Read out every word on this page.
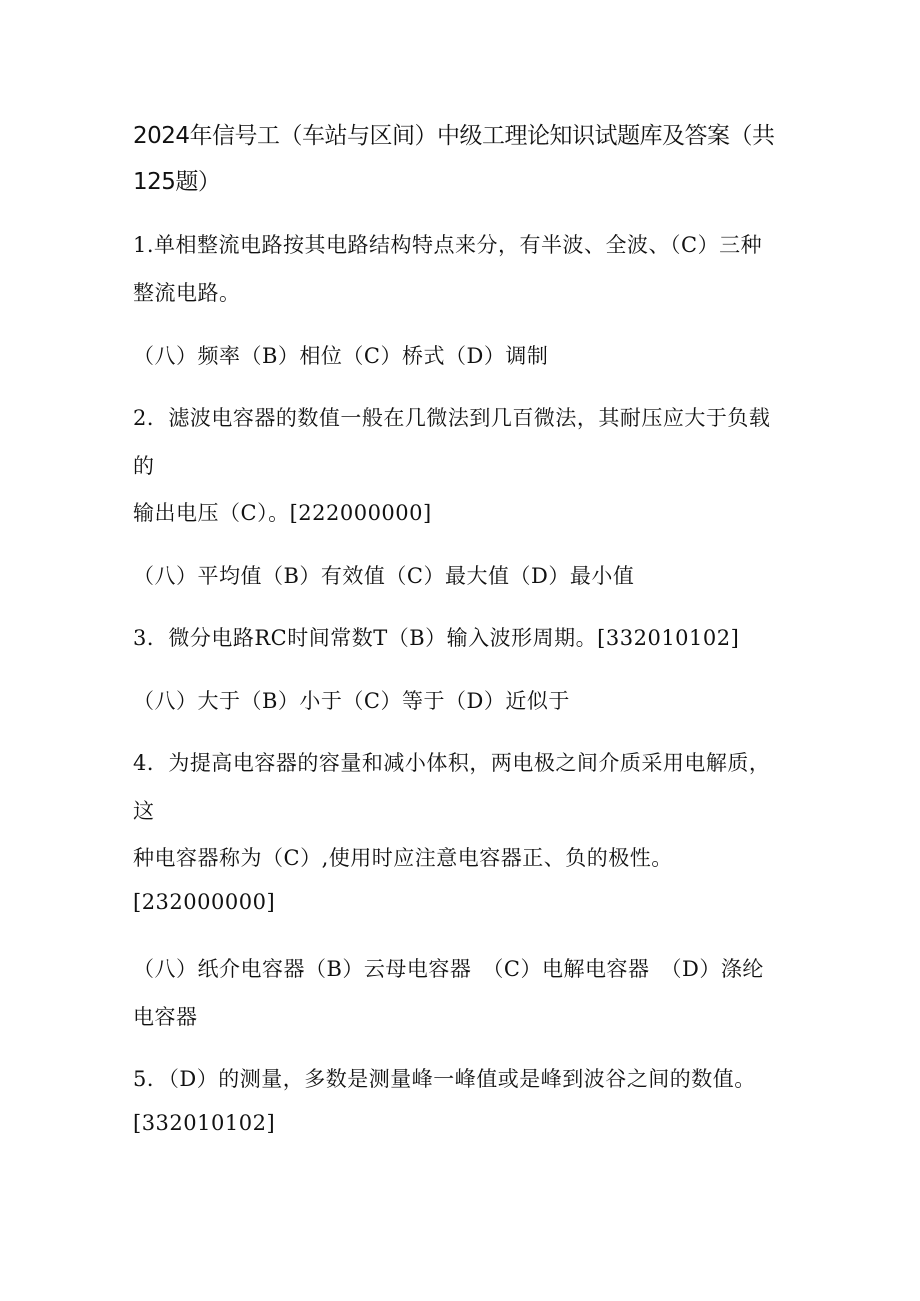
2024年信号工（车站与区间）中级工理论知识试题库及答案（共
125题）
1.单相整流电路按其电路结构特点来分，有半波、全波、（C）三种
整流电路。
（八）频率（B）相位（C）桥式（D）调制
2．滤波电容器的数值一般在几微法到几百微法，其耐压应大于负载
的
输出电压（C）。[222000000]
（八）平均值（B）有效值（C）最大值（D）最小值
3．微分电路RC时间常数T（B）输入波形周期。[332010102]
（八）大于（B）小于（C）等于（D）近似于
4．为提高电容器的容量和减小体积，两电极之间介质采用电解质，
这
种电容器称为（C）,使用时应注意电容器正、负的极性。
[232000000]
（八）纸介电容器（B）云母电容器　（C）电解电容器　（D）涤纶
电容器
5．（D）的测量，多数是测量峰一峰值或是峰到波谷之间的数值。
[332010102]
